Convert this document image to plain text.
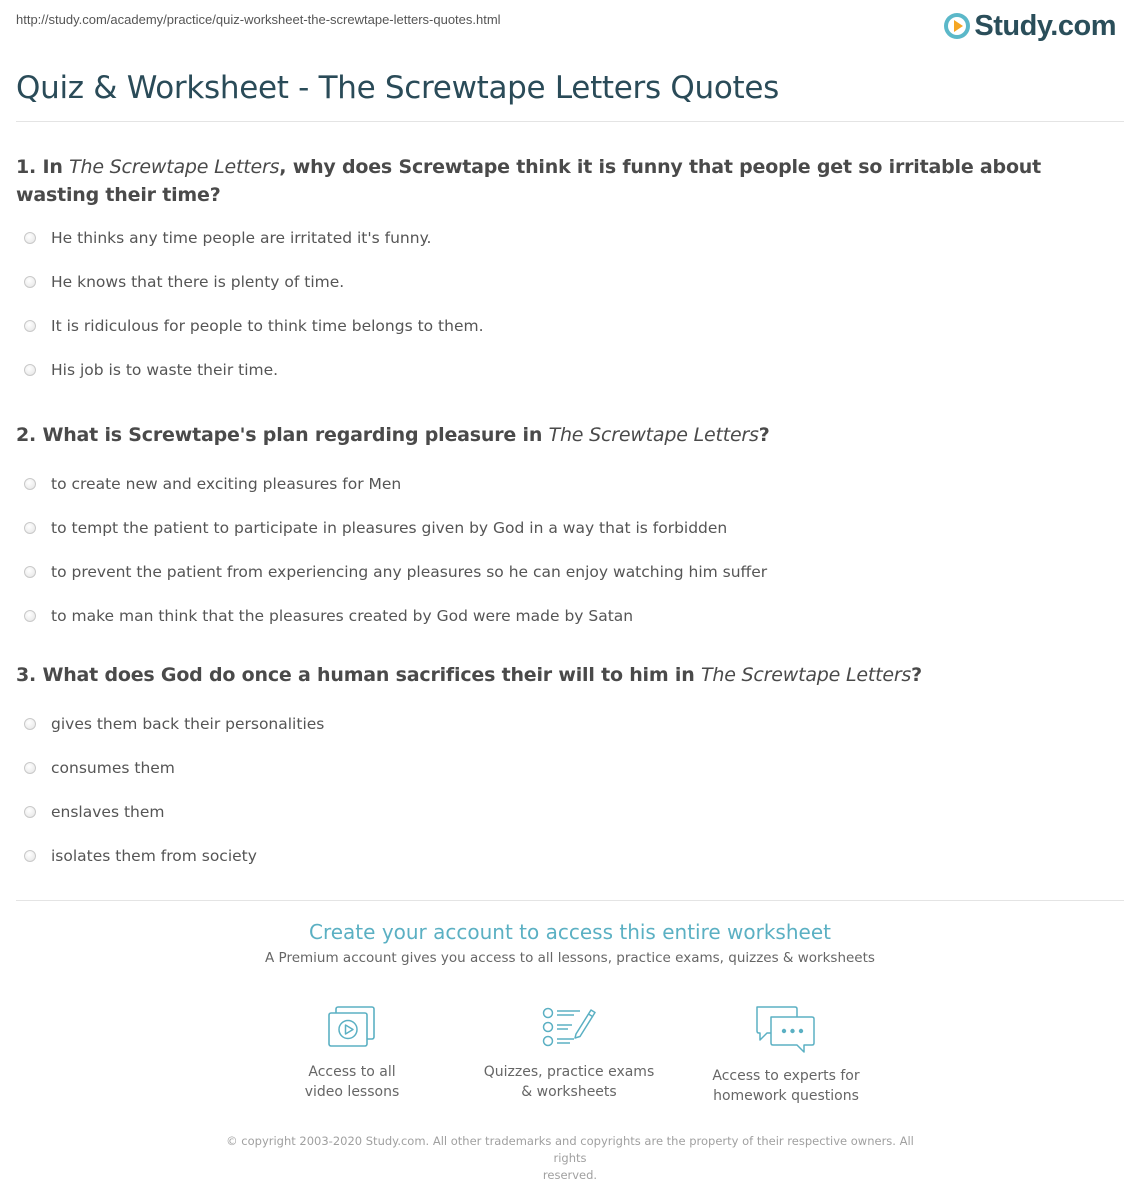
http://study.com/academy/practice/quiz-worksheet-the-screwtape-letters-quotes.html	Study.com
Quiz & Worksheet - The Screwtape Letters Quotes
1. In The Screwtape Letters, why does Screwtape think it is funny that people get so irritable about wasting their time?
He thinks any time people are irritated it's funny.
He knows that there is plenty of time.
It is ridiculous for people to think time belongs to them.
His job is to waste their time.
2. What is Screwtape's plan regarding pleasure in The Screwtape Letters?
to create new and exciting pleasures for Men
to tempt the patient to participate in pleasures given by God in a way that is forbidden
to prevent the patient from experiencing any pleasures so he can enjoy watching him suffer
to make man think that the pleasures created by God were made by Satan
3. What does God do once a human sacrifices their will to him in The Screwtape Letters?
gives them back their personalities
consumes them
enslaves them
isolates them from society
Create your account to access this entire worksheet
A Premium account gives you access to all lessons, practice exams, quizzes & worksheets
Access to all
video lessons
Quizzes, practice exams
& worksheets
Access to experts for
homework questions
© copyright 2003-2020 Study.com. All other trademarks and copyrights are the property of their respective owners. All rights
reserved.
